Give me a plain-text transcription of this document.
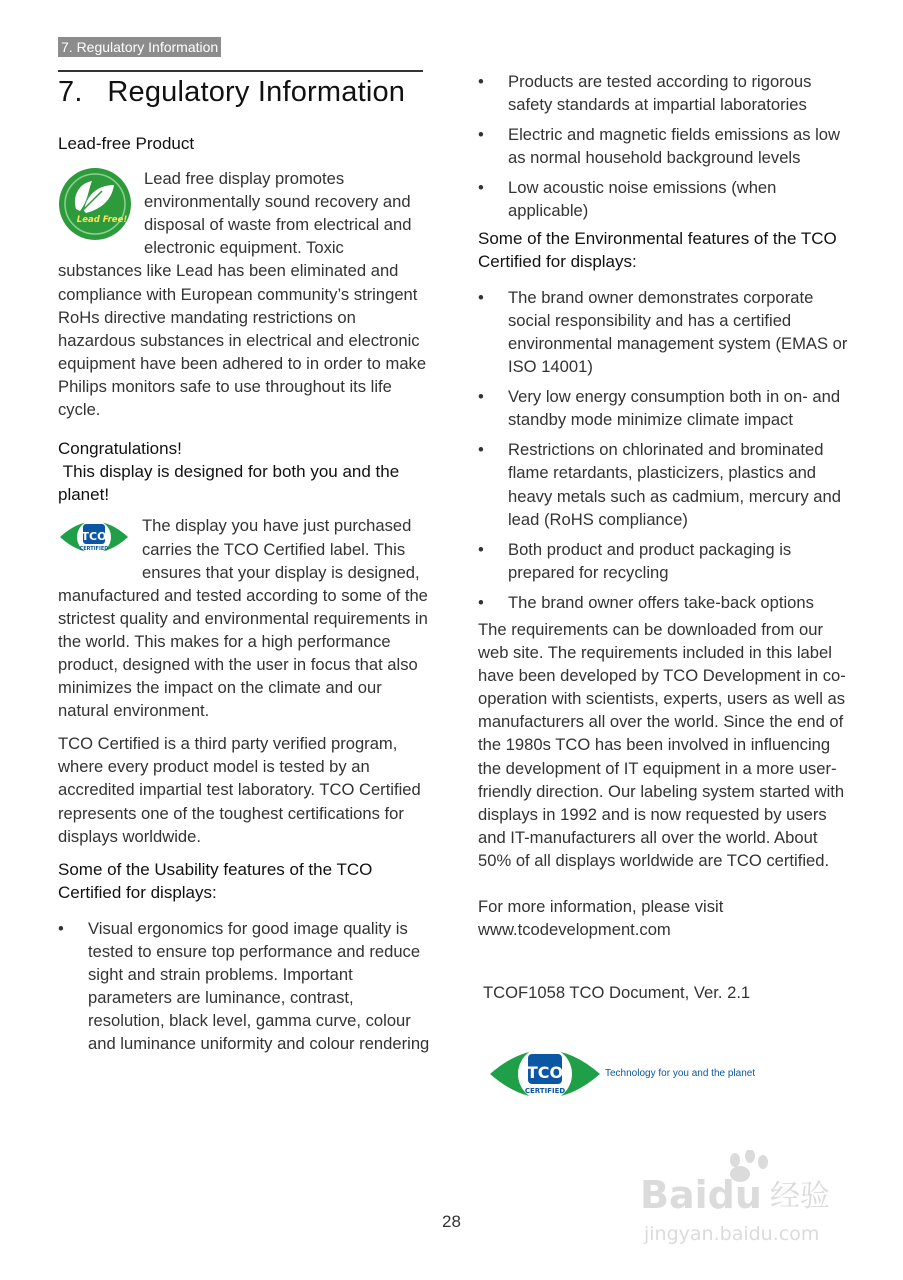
7. Regulatory Information
7.   Regulatory Information

Lead-free Product

Lead Free!

Lead free display promotes environmentally sound recovery and disposal of waste from electrical and electronic equipment. Toxic substances like Lead has been eliminated and compliance with European community’s stringent RoHs directive mandating restrictions on hazardous substances in electrical and electronic equipment have been adhered to in order to make Philips monitors safe to use throughout its life cycle.

Congratulations!

This display is designed for both you and the planet!

TCO
CERTIFIED

The display you have just purchased carries the TCO Certified label. This ensures that your display is designed, manufactured and tested according to some of the strictest quality and environmental requirements in the world. This makes for a high performance product, designed with the user in focus that also minimizes the impact on the climate and our natural environment.

TCO Certified is a third party verified program, where every product model is tested by an accredited impartial test laboratory. TCO Certified represents one of the toughest certifications for displays worldwide.

Some of the Usability features of the TCO Certified for displays:

• Visual ergonomics for good image quality is tested to ensure top performance and reduce sight and strain problems. Important parameters are luminance, contrast, resolution, black level, gamma curve, colour and luminance uniformity and colour rendering
• Products are tested according to rigorous safety standards at impartial laboratories
• Electric and magnetic fields emissions as low as normal household background levels
• Low acoustic noise emissions (when applicable)

Some of the Environmental features of the TCO Certified for displays:

• The brand owner demonstrates corporate social responsibility and has a certified environmental management system (EMAS or ISO 14001)
• Very low energy consumption both in on- and standby mode minimize climate impact
• Restrictions on chlorinated and brominated flame retardants, plasticizers, plastics and heavy metals such as cadmium, mercury and lead (RoHS compliance)
• Both product and product packaging is prepared for recycling
• The brand owner offers take-back options

The requirements can be downloaded from our web site. The requirements included in this label have been developed by TCO Development in co-operation with scientists, experts, users as well as manufacturers all over the world. Since the end of the 1980s TCO has been involved in influencing the development of IT equipment in a more user-friendly direction. Our labeling system started with displays in 1992 and is now requested by users and IT-manufacturers all over the world. About 50% of all displays worldwide are TCO certified.

For more information, please visit

www.tcodevelopment.com

TCOF1058 TCO Document, Ver. 2.1

TCO
CERTIFIED
Technology for you and the planet
Baidu 经验
jingyan.baidu.com
28
